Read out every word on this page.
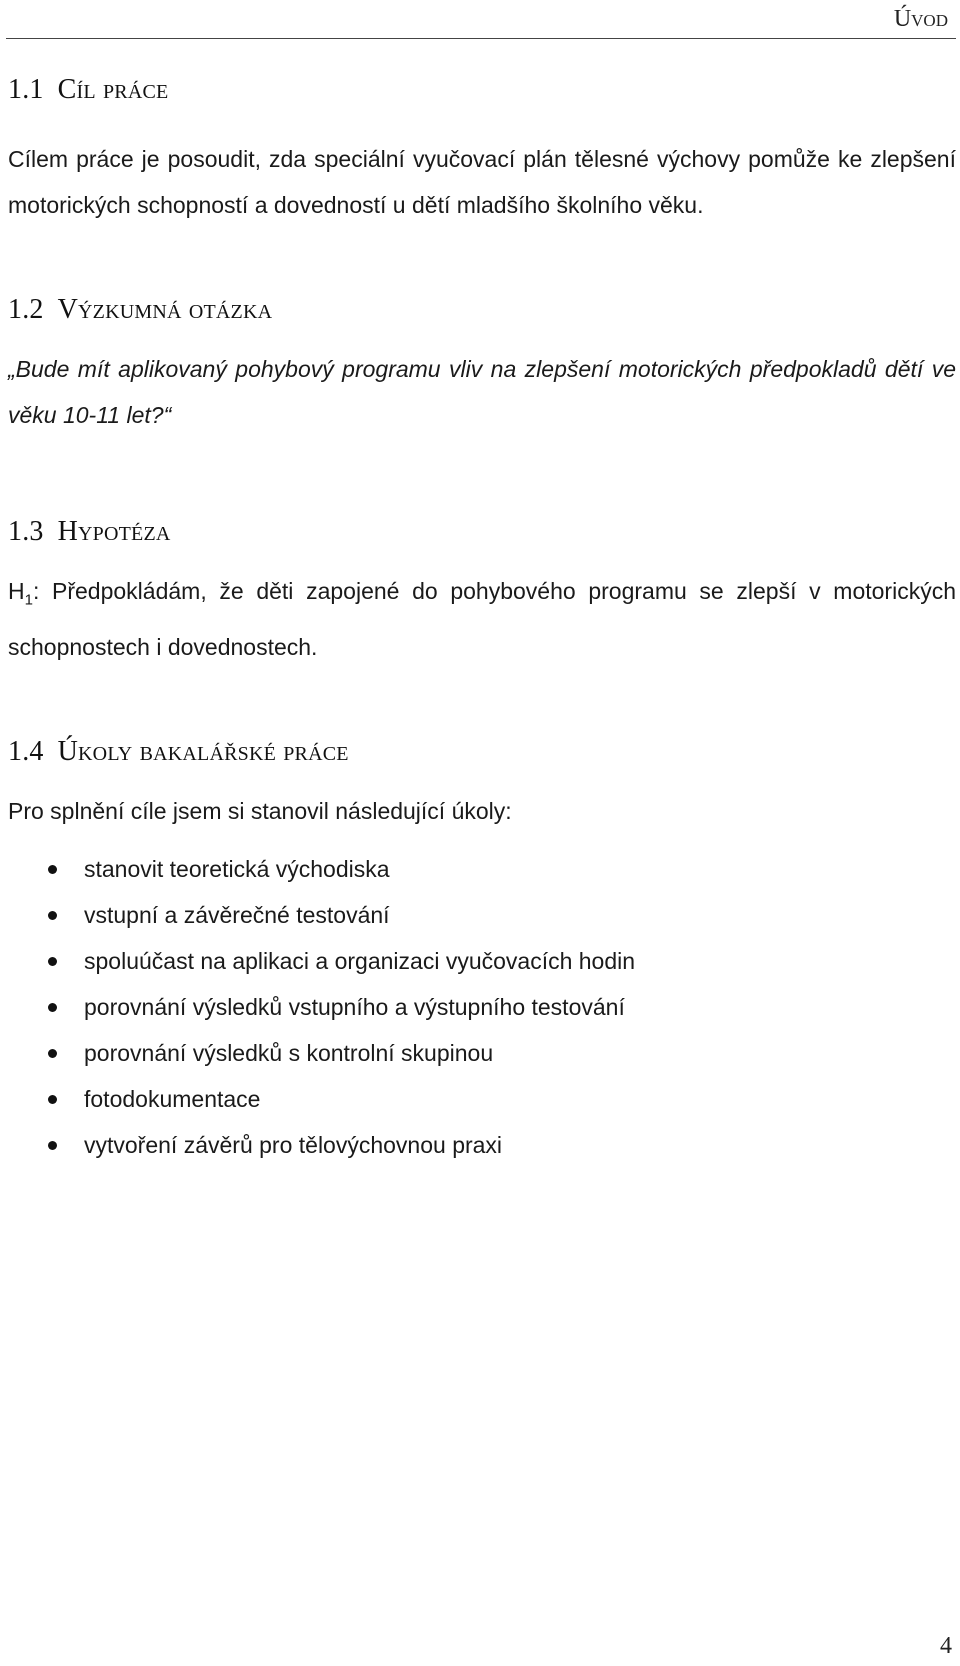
Úvod
1.1 Cíl práce

Cílem práce je posoudit, zda speciální vyučovací plán tělesné výchovy pomůže ke zlepšení motorických schopností a dovedností u dětí mladšího školního věku.

1.2 Výzkumná otázka

„Bude mít aplikovaný pohybový programu vliv na zlepšení motorických předpokladů dětí ve věku 10-11 let?“

1.3 Hypotéza

$H_1$: Předpokládám, že děti zapojené do pohybového programu se zlepší v motorických schopnostech i dovednostech.

1.4 Úkoly bakalářské práce

Pro splnění cíle jsem si stanovil následující úkoly:

stanovit teoretická východiska
vstupní a závěrečné testování
spoluúčast na aplikaci a organizaci vyučovacích hodin
porovnání výsledků vstupního a výstupního testování
porovnání výsledků s kontrolní skupinou
fotodokumentace
vytvoření závěrů pro tělovýchovnou praxi
4
